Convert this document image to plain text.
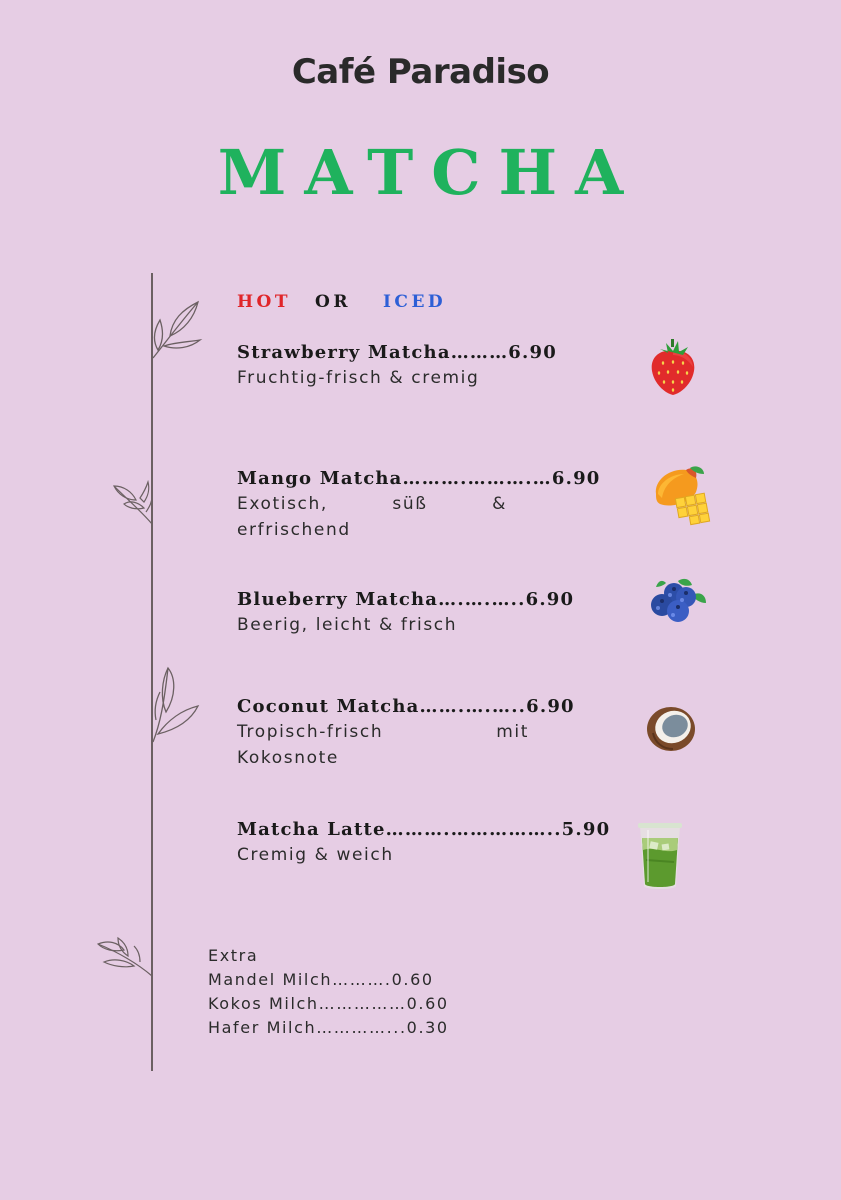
Café Paradiso
MATCHA
HOT OR ICED
Strawberry Matcha………6.90
Fruchtig-frisch & cremig
Mango Matcha……….……….…6.90
Exotisch, süß & erfrischend
Blueberry Matcha….….…..6.90
Beerig, leicht & frisch
Coconut Matcha…….….…..6.90
Tropisch-frisch mit Kokosnote
Matcha Latte……….……………..5.90
Cremig & weich
Extra
Mandel Milch……….0.60
Kokos Milch……………0.60
Hafer Milch…………...0.30
